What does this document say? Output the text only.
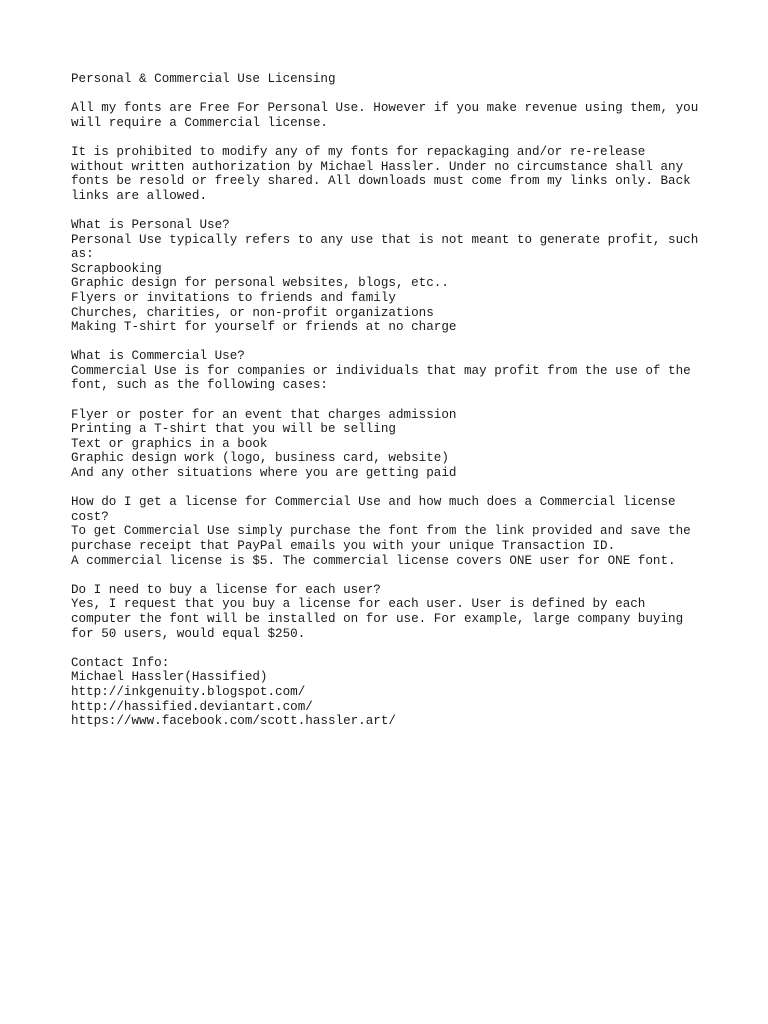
Personal & Commercial Use Licensing
All my fonts are Free For Personal Use. However if you make revenue using them, you
will require a Commercial license.
It is prohibited to modify any of my fonts for repackaging and/or re-release
without written authorization by Michael Hassler. Under no circumstance shall any
fonts be resold or freely shared. All downloads must come from my links only. Back
links are allowed.
What is Personal Use?
Personal Use typically refers to any use that is not meant to generate profit, such
as:
Scrapbooking
Graphic design for personal websites, blogs, etc..
Flyers or invitations to friends and family
Churches, charities, or non-profit organizations
Making T-shirt for yourself or friends at no charge
What is Commercial Use?
Commercial Use is for companies or individuals that may profit from the use of the
font, such as the following cases:
Flyer or poster for an event that charges admission
Printing a T-shirt that you will be selling
Text or graphics in a book
Graphic design work (logo, business card, website)
And any other situations where you are getting paid
How do I get a license for Commercial Use and how much does a Commercial license
cost?
To get Commercial Use simply purchase the font from the link provided and save the
purchase receipt that PayPal emails you with your unique Transaction ID.
A commercial license is $5. The commercial license covers ONE user for ONE font.
Do I need to buy a license for each user?
Yes, I request that you buy a license for each user. User is defined by each
computer the font will be installed on for use. For example, large company buying
for 50 users, would equal $250.
Contact Info:
Michael Hassler(Hassified)
http://inkgenuity.blogspot.com/
http://hassified.deviantart.com/
https://www.facebook.com/scott.hassler.art/
